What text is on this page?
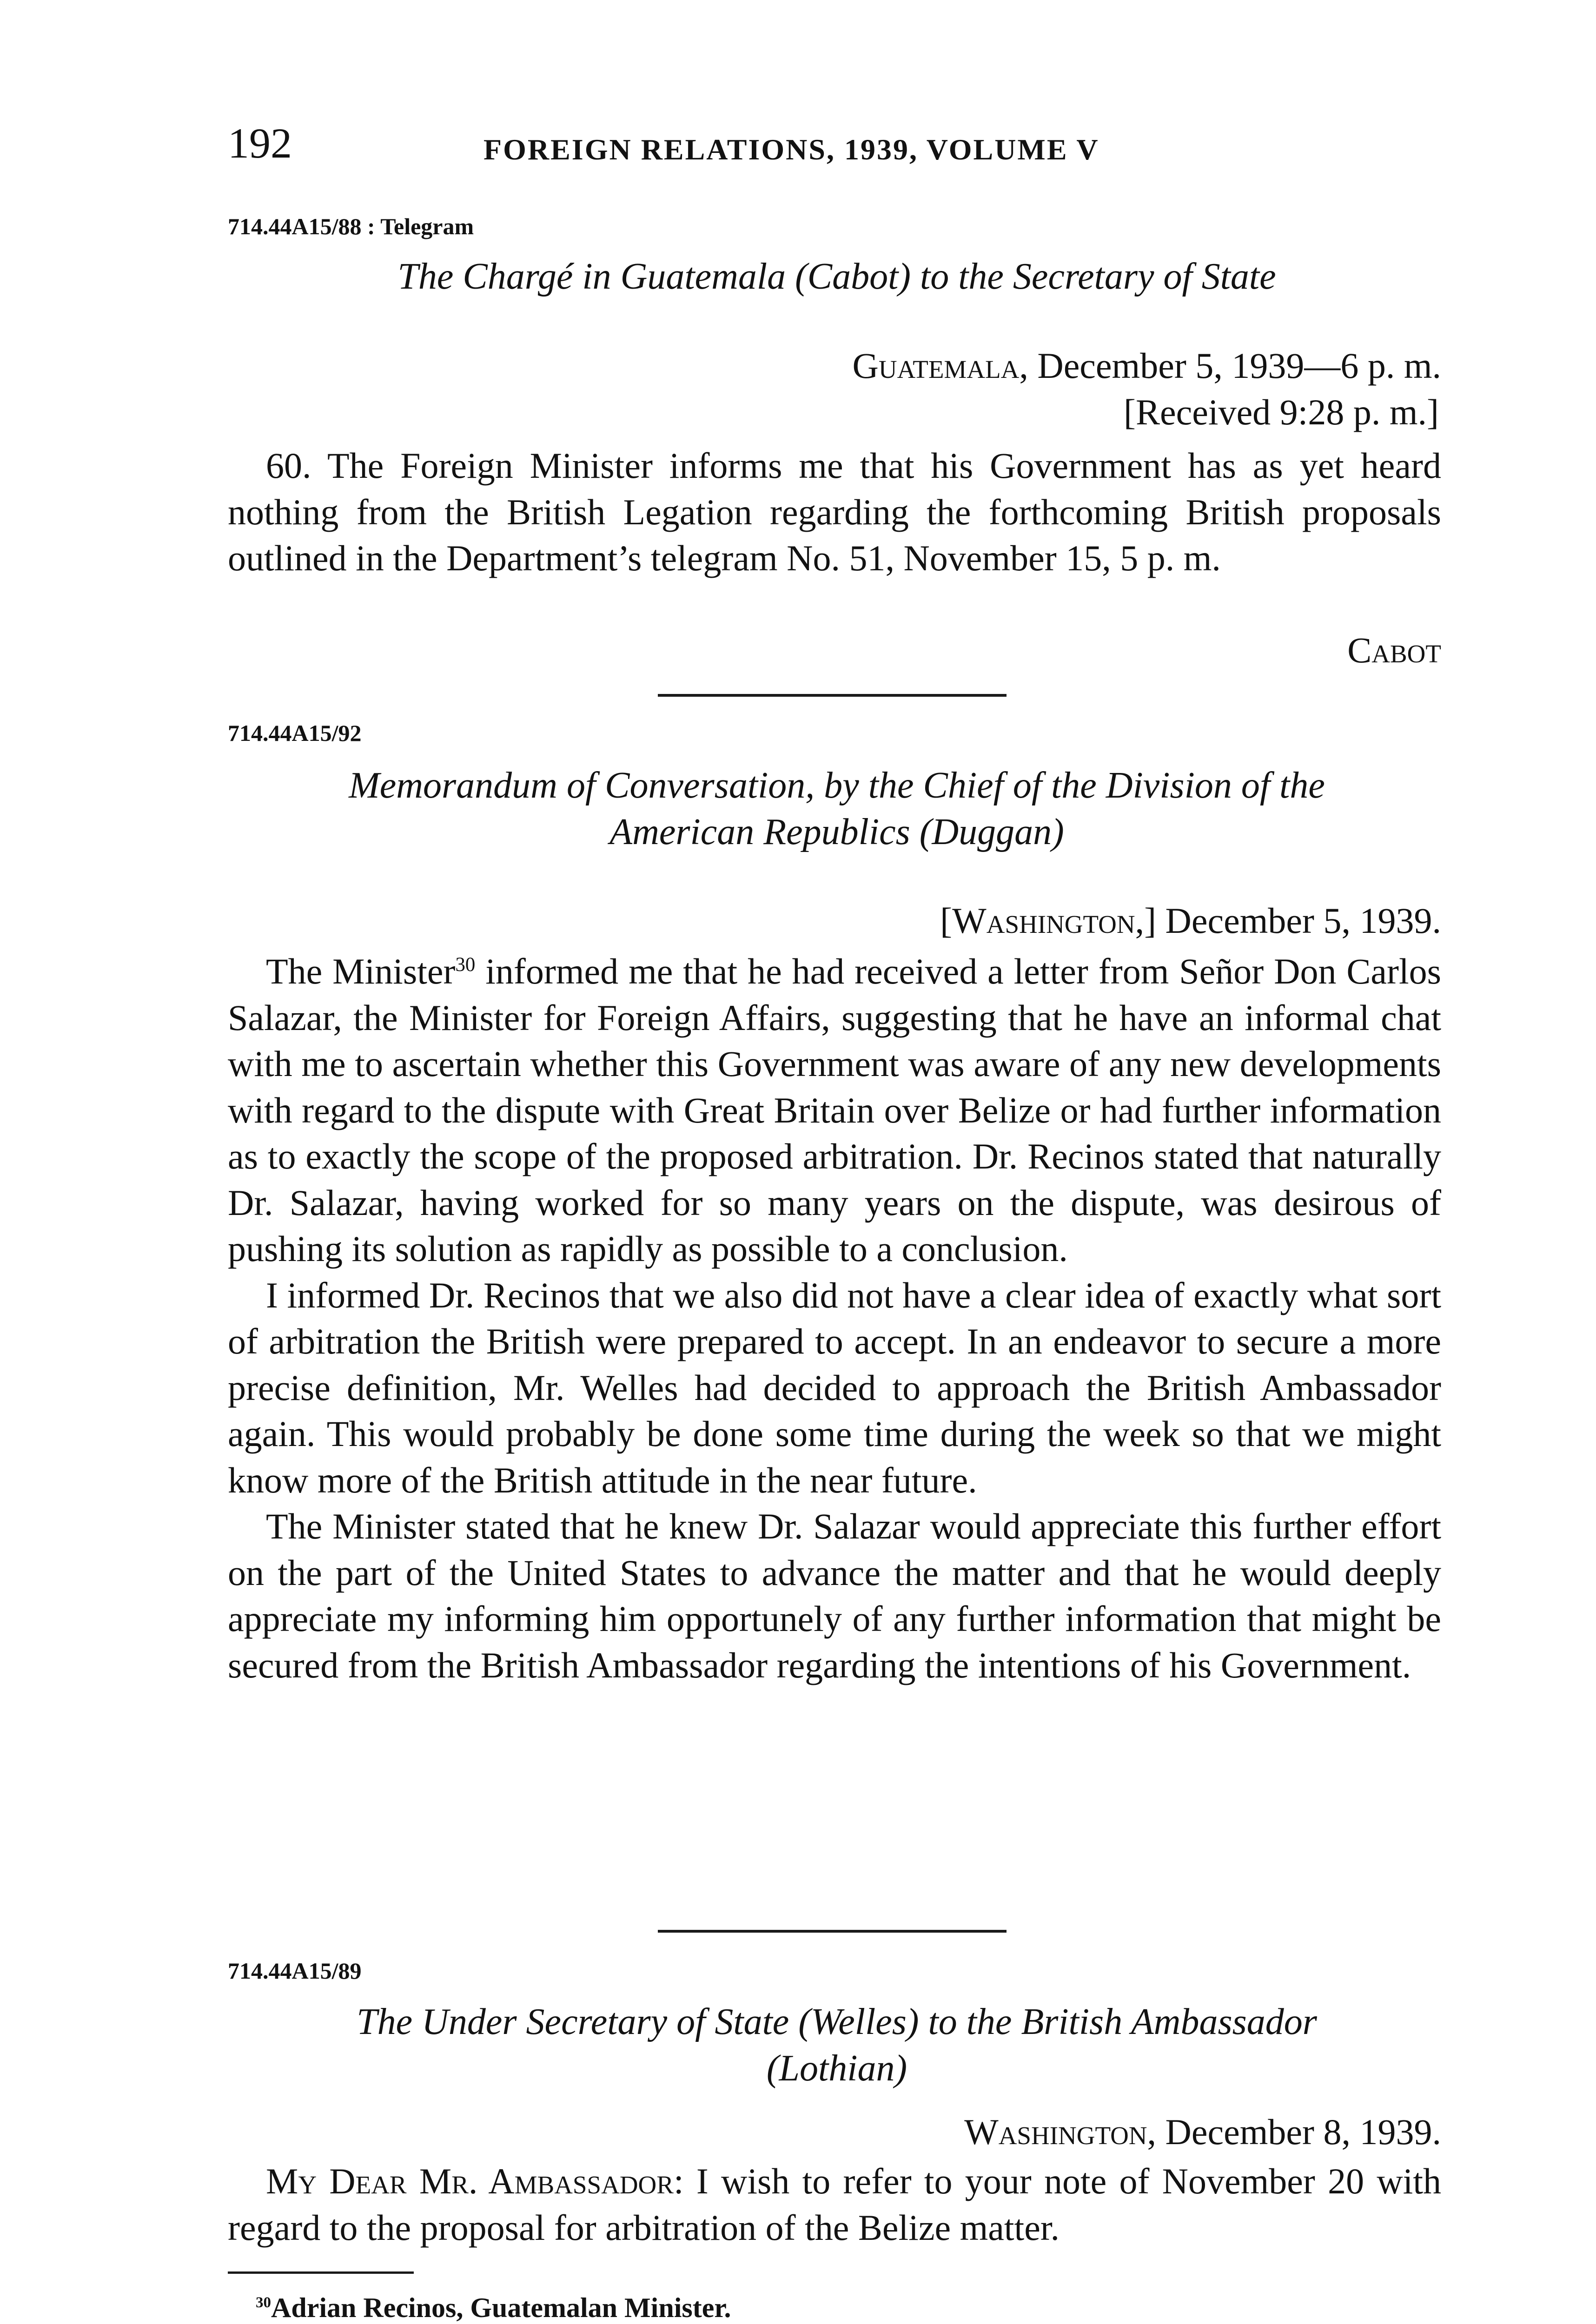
192	FOREIGN RELATIONS, 1939, VOLUME V
714.44A15/88 : Telegram
The Chargé in Guatemala (Cabot) to the Secretary of State
Guatemala, December 5, 1939—6 p. m.
[Received 9:28 p. m.]
60. The Foreign Minister informs me that his Government has as yet heard nothing from the British Legation regarding the forthcoming British proposals outlined in the Department’s telegram No. 51, November 15, 5 p. m.
Cabot
714.44A15/92
Memorandum of Conversation, by the Chief of the Division of the
American Republics (Duggan)
[Washington,] December 5, 1939.
The Minister$^{30}$ informed me that he had received a letter from Señor Don Carlos Salazar, the Minister for Foreign Affairs, suggesting that he have an informal chat with me to ascertain whether this Government was aware of any new developments with regard to the dispute with Great Britain over Belize or had further information as to exactly the scope of the proposed arbitration. Dr. Recinos stated that naturally Dr. Salazar, having worked for so many years on the dispute, was desirous of pushing its solution as rapidly as possible to a conclusion.
I informed Dr. Recinos that we also did not have a clear idea of exactly what sort of arbitration the British were prepared to accept. In an endeavor to secure a more precise definition, Mr. Welles had decided to approach the British Ambassador again. This would probably be done some time during the week so that we might know more of the British attitude in the near future.
The Minister stated that he knew Dr. Salazar would appreciate this further effort on the part of the United States to advance the matter and that he would deeply appreciate my informing him opportunely of any further information that might be secured from the British Ambassador regarding the intentions of his Government.
714.44A15/89
The Under Secretary of State (Welles) to the British Ambassador
(Lothian)
Washington, December 8, 1939.
My Dear Mr. Ambassador: I wish to refer to your note of November 20 with regard to the proposal for arbitration of the Belize matter.
$^{30}$Adrian Recinos, Guatemalan Minister.
